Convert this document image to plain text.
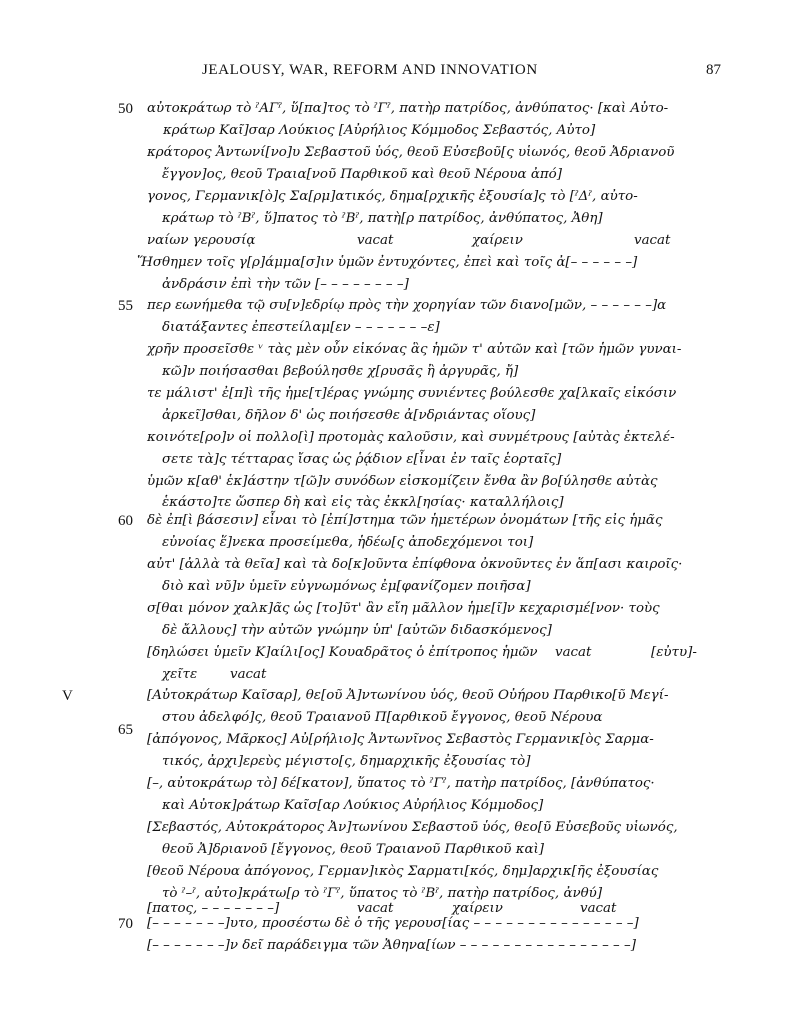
JEALOUSY, WAR, REFORM AND INNOVATION	87
50
55
60
65
70
V
αὐτοκράτωρ τὸ ˀΑΓˀ, ὕ[πα]τος τὸ ˀΓˀ, πατὴρ πατρίδος, ἀνθύπατος· [καὶ Αὐτο-
κράτωρ Καῖ]σαρ Λούκιος [Αὐρήλιος Κόμμοδος Σεβαστός, Αὐτο]
κράτορος Ἀντωνί[νο]υ Σεβαστοῦ ὑός, θεοῦ Εὐσεβοῦ[ς υἱωνός, θεοῦ Ἀδριανοῦ
ἔγγον]ος, θεοῦ Τραια[νοῦ Παρθικοῦ καὶ θεοῦ Νέρουα ἀπό]
γονος, Γερμανικ[ὸ]ς Σα[ρμ]ατικός, δημα[ρχικῆς ἐξουσία]ς τὸ [ˀΔˀ, αὐτο-
κράτωρ τὸ ˀΒˀ, ὕ]πατος τὸ ˀΒˀ, πατὴ[ρ πατρίδος, ἀνθύπατος, Ἀθη]
ναίων γερουσίᾳ	vacat	χαίρειν	vacat
Ἥσθημεν τοῖς γ[ρ]άμμα[σ]ιν ὑμῶν ἐντυχόντες, ἐπεὶ καὶ τοῖς ἀ[– – – – – –]
ἀνδράσιν ἐπὶ τὴν τῶν [– – – – – – – –]
περ εωνήμεθα τῷ συ[ν]εδρίῳ πρὸς τὴν χορηγίαν τῶν διανο[μῶν, – – – – – –]α
διατάξαντες ἐπεστείλαμ[εν – – – – – – –ε]
χρῆν προσεῖσθε ᵛ τὰς μὲν οὖν εἰκόνας ἃς ἡμῶν τ' αὐτῶν καὶ [τῶν ἡμῶν γυναι-
κῶ]ν ποιήσασθαι βεβούλησθε χ[ρυσᾶς ἢ ἀργυρᾶς, ἤ]
τε μάλιστ' ἐ[π]ὶ τῆς ἡμε[τ]έρας γνώμης συνιέντες βούλεσθε χα[λκαῖς εἰκόσιν
ἀρκεῖ]σθαι, δῆλον δ' ὡς ποιήσεσθε ἀ[νδριάντας οἵους]
κοινότε[ρο]ν οἱ πολλο[ὶ] προτομὰς καλοῦσιν, καὶ συνμέτρους [αὐτὰς ἐκτελέ-
σετε τὰ]ς τέτταρας ἴσας ὡς ῥᾴδιον ε[ἶναι ἐν ταῖς ἑορταῖς]
ὑμῶν κ[αθ' ἑκ]άστην τ[ῶ]ν συνόδων εἰσκομίζειν ἔνθα ἂν βο[ύλησθε αὐτὰς
ἑκάστο]τε ὥσπερ δὴ καὶ εἰς τὰς ἐκκλ[ησίας· καταλλήλοις]
δὲ ἐπ[ὶ βάσεσιν] εἶναι τὸ [ἐπί]στημα τῶν ἡμετέρων ὀνομάτων [τῆς εἰς ἡμᾶς
εὐνοίας ἕ]νεκα προσείμεθα, ἡδέω[ς ἀποδεχόμενοι τοι]
αὐτ' [ἀλλὰ τὰ θεῖα] καὶ τὰ δο[κ]οῦντα ἐπίφθονα ὀκνοῦντες ἐν ἅπ[ασι καιροῖς·
διὸ καὶ νῦ]ν ὑμεῖν εὐγνωμόνως ἐμ[φανίζομεν ποιῆσα]
σ[θαι μόνον χαλκ]ᾶς ὡς [το]ῦτ' ἂν εἴη μᾶλλον ἡμε[ῖ]ν κεχαρισμέ[νον· τοὺς
δὲ ἄλλους] τὴν αὐτῶν γνώμην ὑπ' [αὐτῶν διδασκόμενος]
[δηλώσει ὑμεῖν Κ]αίλι[ος] Κουαδρᾶτος ὁ ἐπίτροπος ἡμῶν vacat	[εὐτυ]-
χεῖτε vacat
[Αὐτοκράτωρ Καῖσαρ], θε[οῦ Ἀ]ντωνίνου ὑός, θεοῦ Οὐήρου Παρθικο[ῦ Μεγί-
στου ἀδελφό]ς, θεοῦ Τραιανοῦ Π[αρθικοῦ ἔγγονος, θεοῦ Νέρουα
[ἀπόγονος, Μᾶρκος] Αὐ[ρήλιο]ς Ἀντωνῖνος Σεβαστὸς Γερμανικ[ὸς Σαρμα-
τικός, ἀρχι]ερεὺς μέγιστο[ς, δημαρχικῆς ἐξουσίας τὸ]
[–, αὐτοκράτωρ τὸ] δέ[κατον], ὕπατος τὸ ˀΓˀ, πατὴρ πατρίδος, [ἀνθύπατος·
καὶ Αὐτοκ]ράτωρ Καῖσ[αρ Λούκιος Αὐρήλιος Κόμμοδος]
[Σεβαστός, Αὐτοκράτορος Ἀν]τωνίνου Σεβαστοῦ ὑός, θεο[ῦ Εὐσεβοῦς υἱωνός,
θεοῦ Ἀ]δριανοῦ [ἔγγονος, θεοῦ Τραιανοῦ Παρθικοῦ καὶ]
[θεοῦ Νέρουα ἀπόγονος, Γερμαν]ικὸς Σαρματι[κός, δημ]αρχικ[ῆς ἐξουσίας
τὸ ˀ–ˀ, αὐτο]κράτω[ρ τὸ ˀΓˀ, ὕπατος τὸ ˀΒˀ, πατὴρ πατρίδος, ἀνθύ]
[πατος, – – – – – – –]	vacat	χαίρειν	vacat
[– – – – – – –]υτο, προσέστω δὲ ὁ τῆς γερουσ[ίας – – – – – – – – – – – – – – –]
[– – – – – – –]ν δεῖ παράδειγμα τῶν Ἀθηνα[ίων – – – – – – – – – – – – – – – –]
